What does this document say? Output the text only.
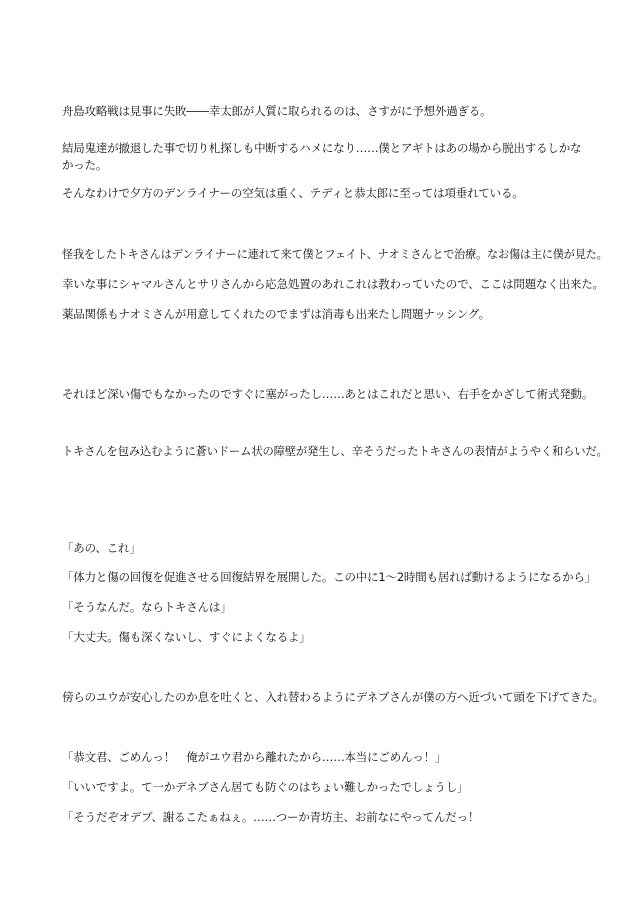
舟島攻略戦は見事に失敗――幸太郎が人質に取られるのは、さすがに予想外過ぎる。
結局鬼達が撤退した事で切り札探しも中断するハメになり……僕とアギトはあの場から脱出するしかな
かった。
そんなわけで夕方のデンライナーの空気は重く、テディと恭太郎に至っては項垂れている。
怪我をしたトキさんはデンライナーに連れて来て僕とフェイト、ナオミさんとで治療。なお傷は主に僕が見た。
幸いな事にシャマルさんとサリさんから応急処置のあれこれは教わっていたので、ここは問題なく出来た。
薬品関係もナオミさんが用意してくれたのでまずは消毒も出来たし問題ナッシング。
それほど深い傷でもなかったのですぐに塞がったし……あとはこれだと思い、右手をかざして術式発動。
トキさんを包み込むように蒼いドーム状の障壁が発生し、辛そうだったトキさんの表情がようやく和らいだ。
「あの、これ」
「体力と傷の回復を促進させる回復結界を展開した。この中に1～2時間も居れば動けるようになるから」
「そうなんだ。ならトキさんは」
「大丈夫。傷も深くないし、すぐによくなるよ」
傍らのユウが安心したのか息を吐くと、入れ替わるようにデネブさんが僕の方へ近づいて頭を下げてきた。
「恭文君、ごめんっ！　俺がユウ君から離れたから……本当にごめんっ！」
「いいですよ。て一かデネブさん居ても防ぐのはちょい難しかったでしょうし」
「そうだぞオデブ、謝るこたぁねぇ。……つーか青坊主、お前なにやってんだっ！
